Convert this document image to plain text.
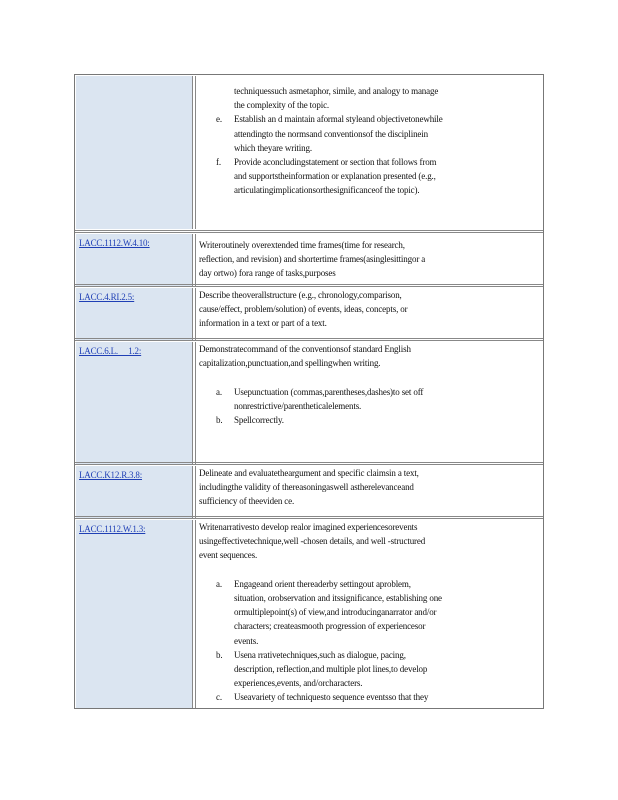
techniquessuch asmetaphor, simile, and analogy to manage
the complexity of the topic.
e. Establish an d maintain aformal styleand objectivetonewhile
attendingto the normsand conventionsof the disciplinein
which theyare writing.
f. Provide aconcludingstatement or section that follows from
and supportstheinformation or explanation presented (e.g.,
articulatingimplicationsorthesignificanceof the topic).
LACC.1112.W.4.10:	Writeroutinely overextended time frames(time for research,
reflection, and revision) and shortertime frames(asinglesittingor a
day ortwo) fora range of tasks,purposes
LACC.4.RI.2.5:	Describe theoverallstructure (e.g., chronology,comparison,
cause/effect, problem/solution) of events, ideas, concepts, or
information in a text or part of a text.
LACC.6.L.     1.2:	Demonstratecommand of the conventionsof standard English
capitalization,punctuation,and spellingwhen writing.
a. Usepunctuation (commas,parentheses,dashes)to set off
nonrestrictive/parentheticalelements.
b. Spellcorrectly.
LACC.K12.R.3.8:	Delineate and evaluatetheargument and specific claimsin a text,
includingthe validity of thereasoningaswell astherelevanceand
sufficiency of theeviden ce.
LACC.1112.W.1.3:	Writenarrativesto develop realor imagined experiencesorevents
usingeffectivetechnique,well -chosen details, and well -structured
event sequences.
a. Engageand orient thereaderby settingout aproblem,
situation, orobservation and itssignificance, establishing one
ormultiplepoint(s) of view,and introducinganarrator and/or
characters; createasmooth progression of experiencesor
events.
b. Usena rrativetechniques,such as dialogue, pacing,
description, reflection,and multiple plot lines,to develop
experiences,events, and/orcharacters.
c. Useavariety of techniquesto sequence eventsso that they
